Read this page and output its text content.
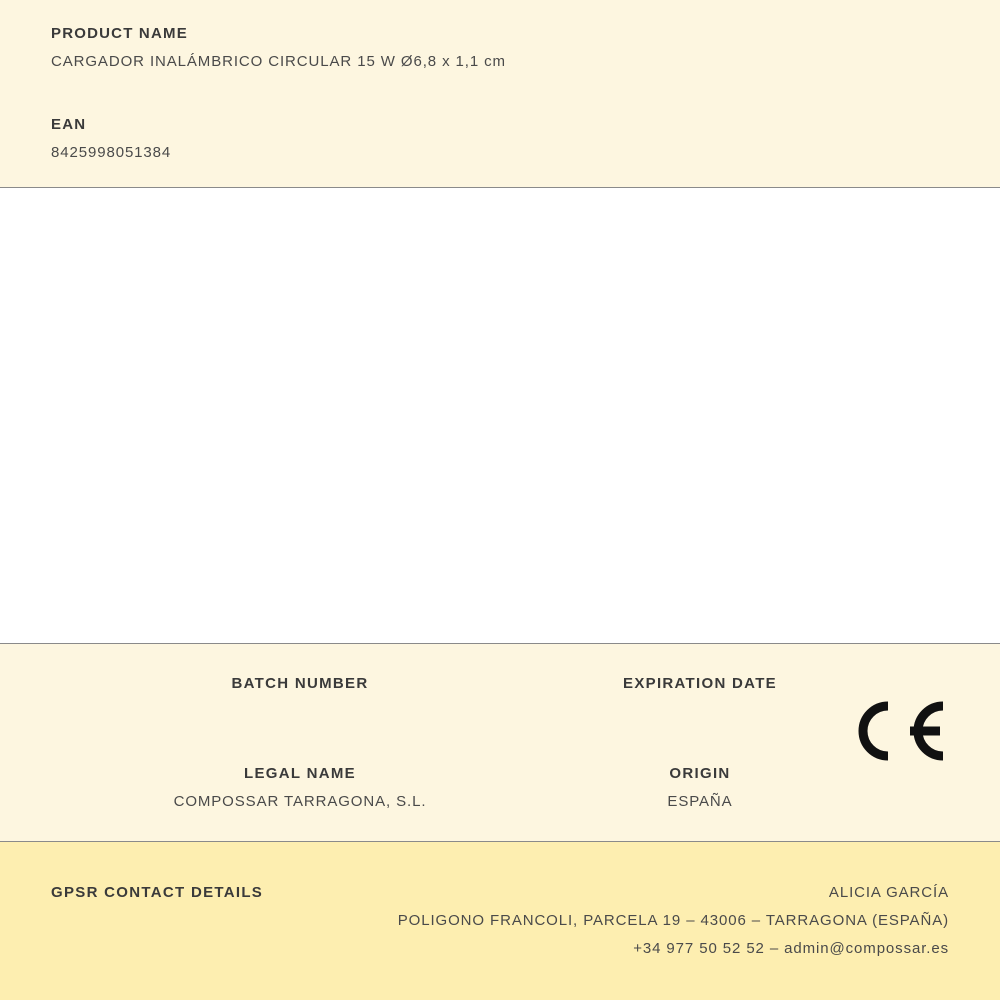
PRODUCT NAME
CARGADOR INALÁMBRICO CIRCULAR 15 W Ø6,8 x 1,1 cm
EAN
8425998051384
BATCH NUMBER	EXPIRATION DATE
LEGAL NAME
COMPOSSAR TARRAGONA, S.L.
ORIGIN
ESPAÑA
GPSR CONTACT DETAILS	ALICIA GARCÍA
POLIGONO FRANCOLI, PARCELA 19 – 43006 – TARRAGONA (ESPAÑA)
+34 977 50 52 52 – admin@compossar.es
